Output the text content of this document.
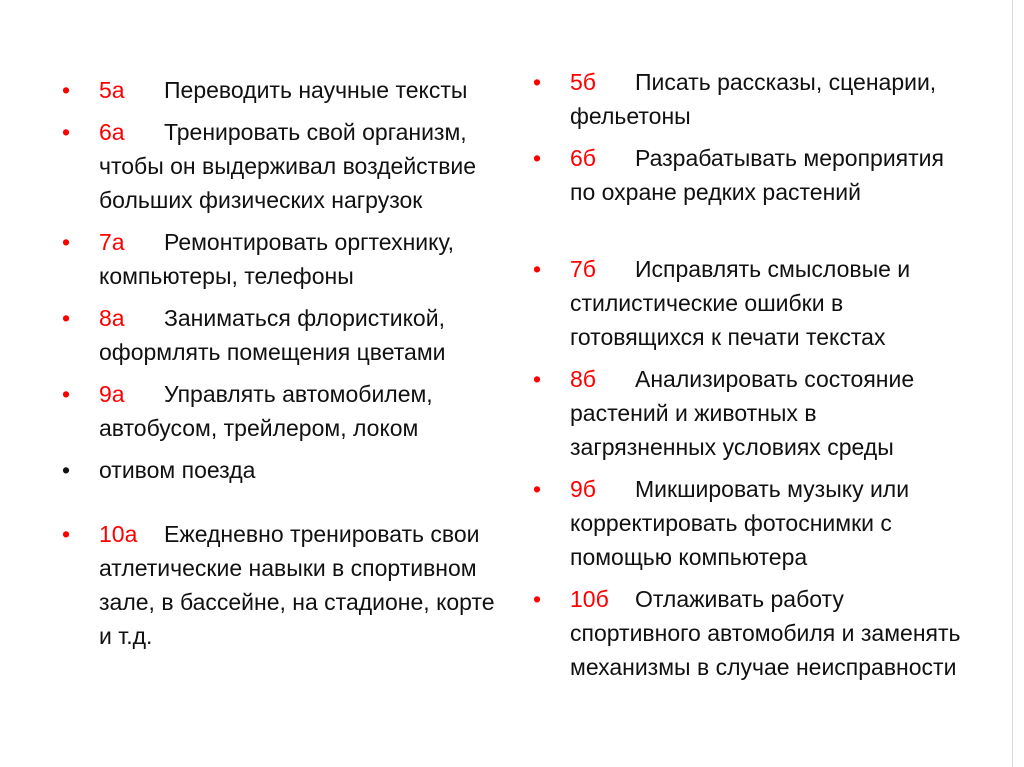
• 5а Переводить научные тексты
• 6а Тренировать свой организм, чтобы он выдерживал воздействие больших физических нагрузок
• 7а Ремонтировать оргтехнику, компьютеры, телефоны
• 8а Заниматься флористикой, оформлять помещения цветами
• 9а Управлять автомобилем, автобусом, трейлером, локом
• отивом поезда
• 10а Ежедневно тренировать свои атлетические навыки в спортивном зале, в бассейне, на стадионе, корте и т.д.
• 5б Писать рассказы, сценарии, фельетоны
• 6б Разрабатывать мероприятия по охране редких растений
• 7б Исправлять смысловые и стилистические ошибки в готовящихся к печати текстах
• 8б Анализировать состояние растений и животных в загрязненных условиях среды
• 9б Микшировать музыку или корректировать фотоснимки с помощью компьютера
• 10б Отлаживать работу спортивного автомобиля и заменять механизмы в случае неисправности
